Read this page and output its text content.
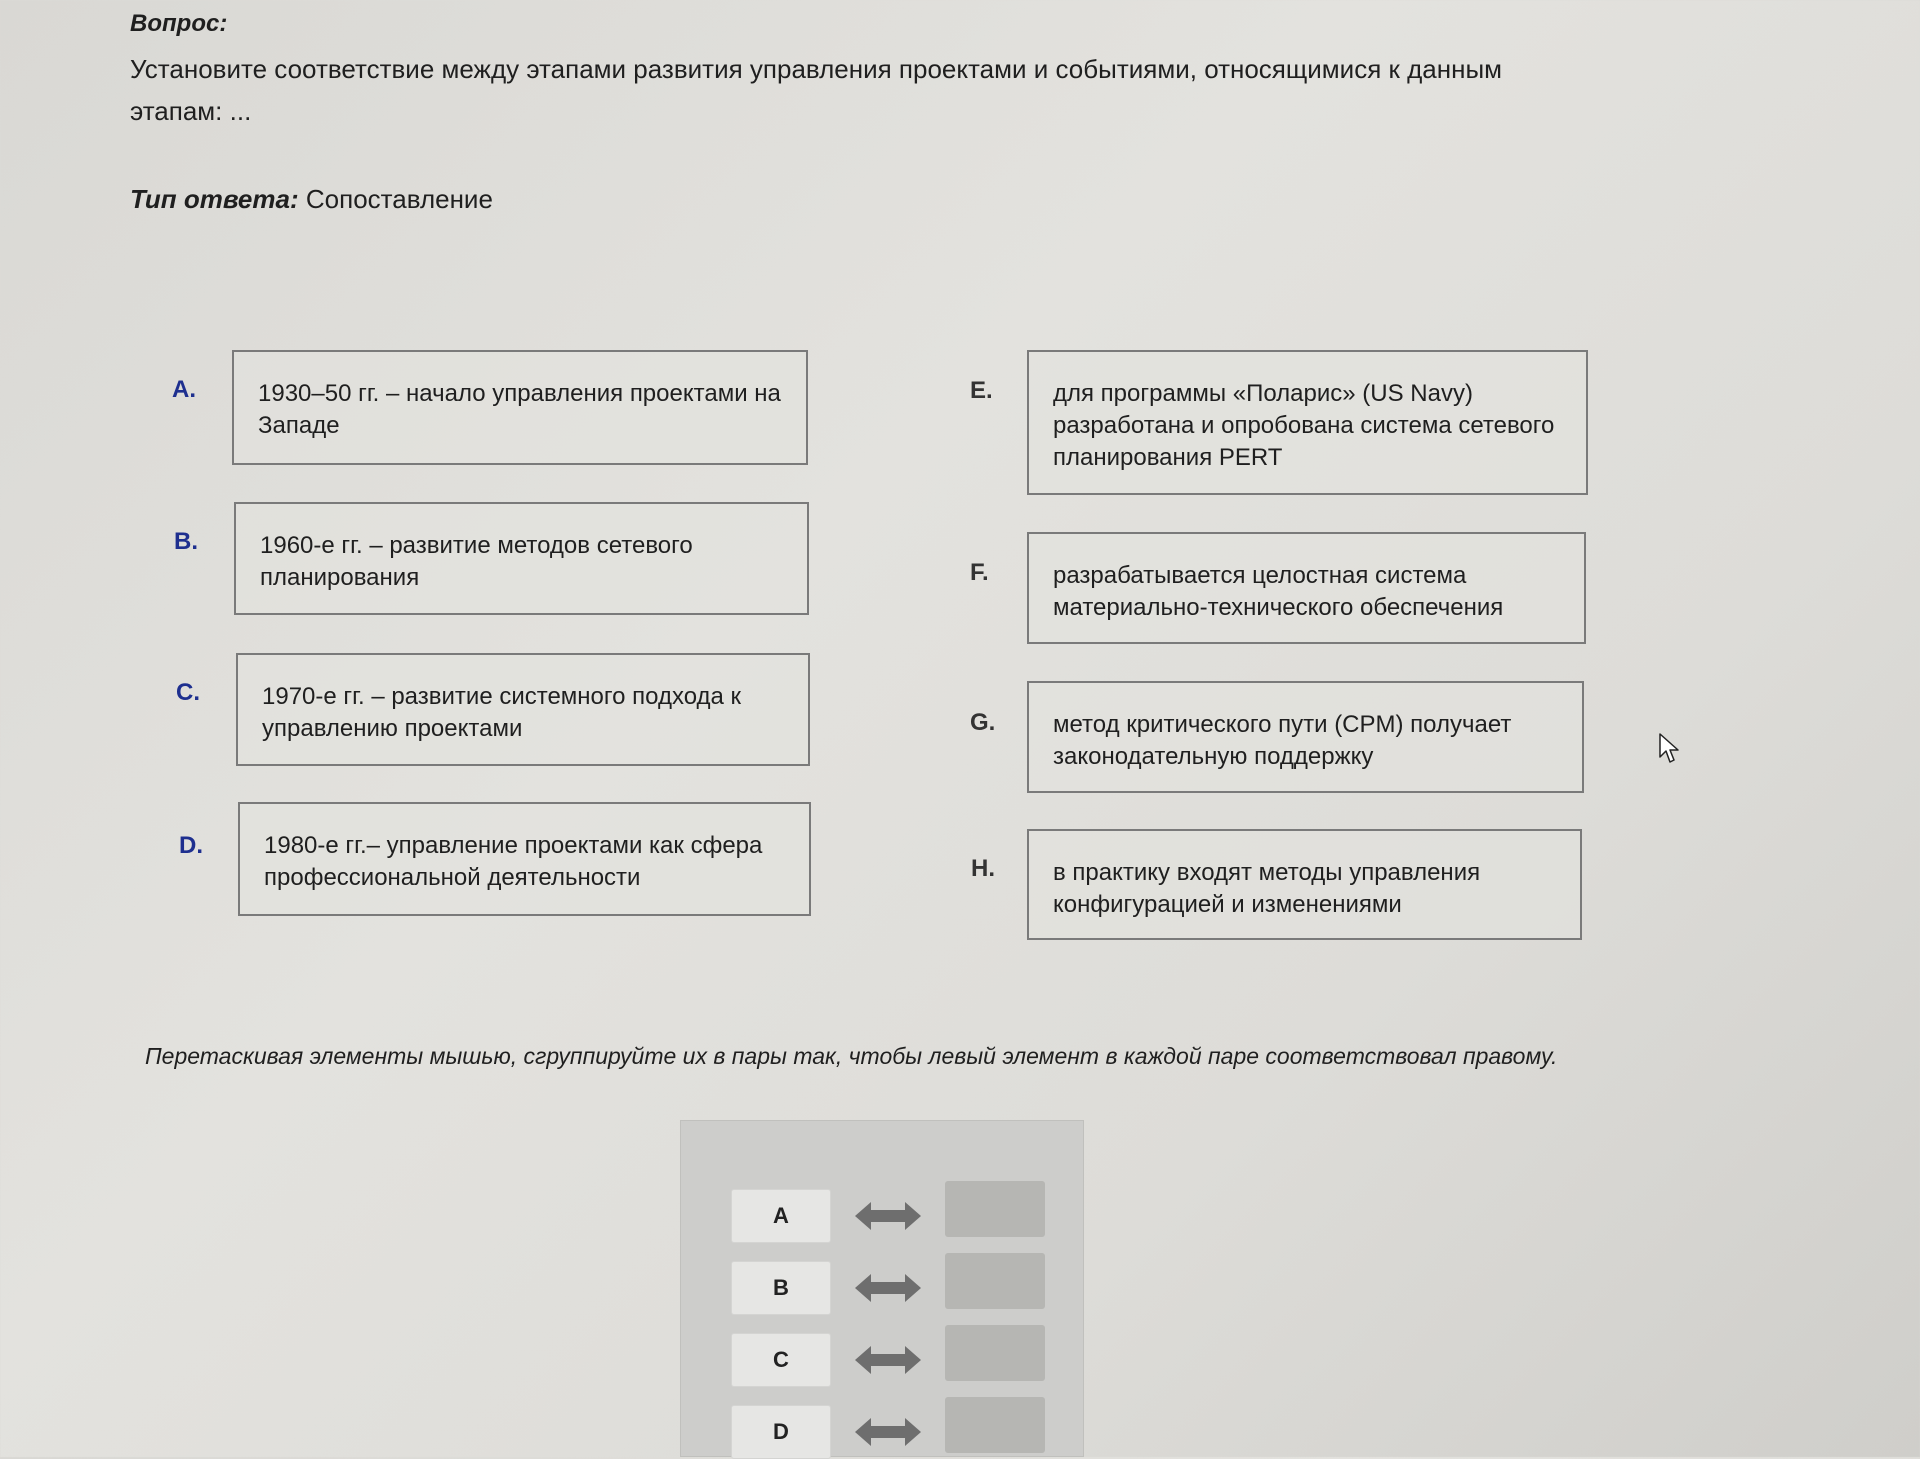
Вопрос:
Установите соответствие между этапами развития управления проектами и событиями, относящимися к данным этапам: ...
Тип ответа: Сопоставление
A.	1930–50 гг. – начало управления проектами на Западе
B.	1960-е гг. – развитие методов сетевого планирования
C.	1970-е гг. – развитие системного подхода к управлению проектами
D.	1980-е гг.– управление проектами как сфера профессиональной деятельности
E.	для программы «Поларис» (US Navy) разработана и опробована система сетевого планирования PERT
F.	разрабатывается целостная система материально-технического обеспечения
G.	метод критического пути (CPM) получает законодательную поддержку
H.	в практику входят методы управления конфигурацией и изменениями
Перетаскивая элементы мышью, сгруппируйте их в пары так, чтобы левый элемент в каждой паре соответствовал правому.
A
B
C
D
